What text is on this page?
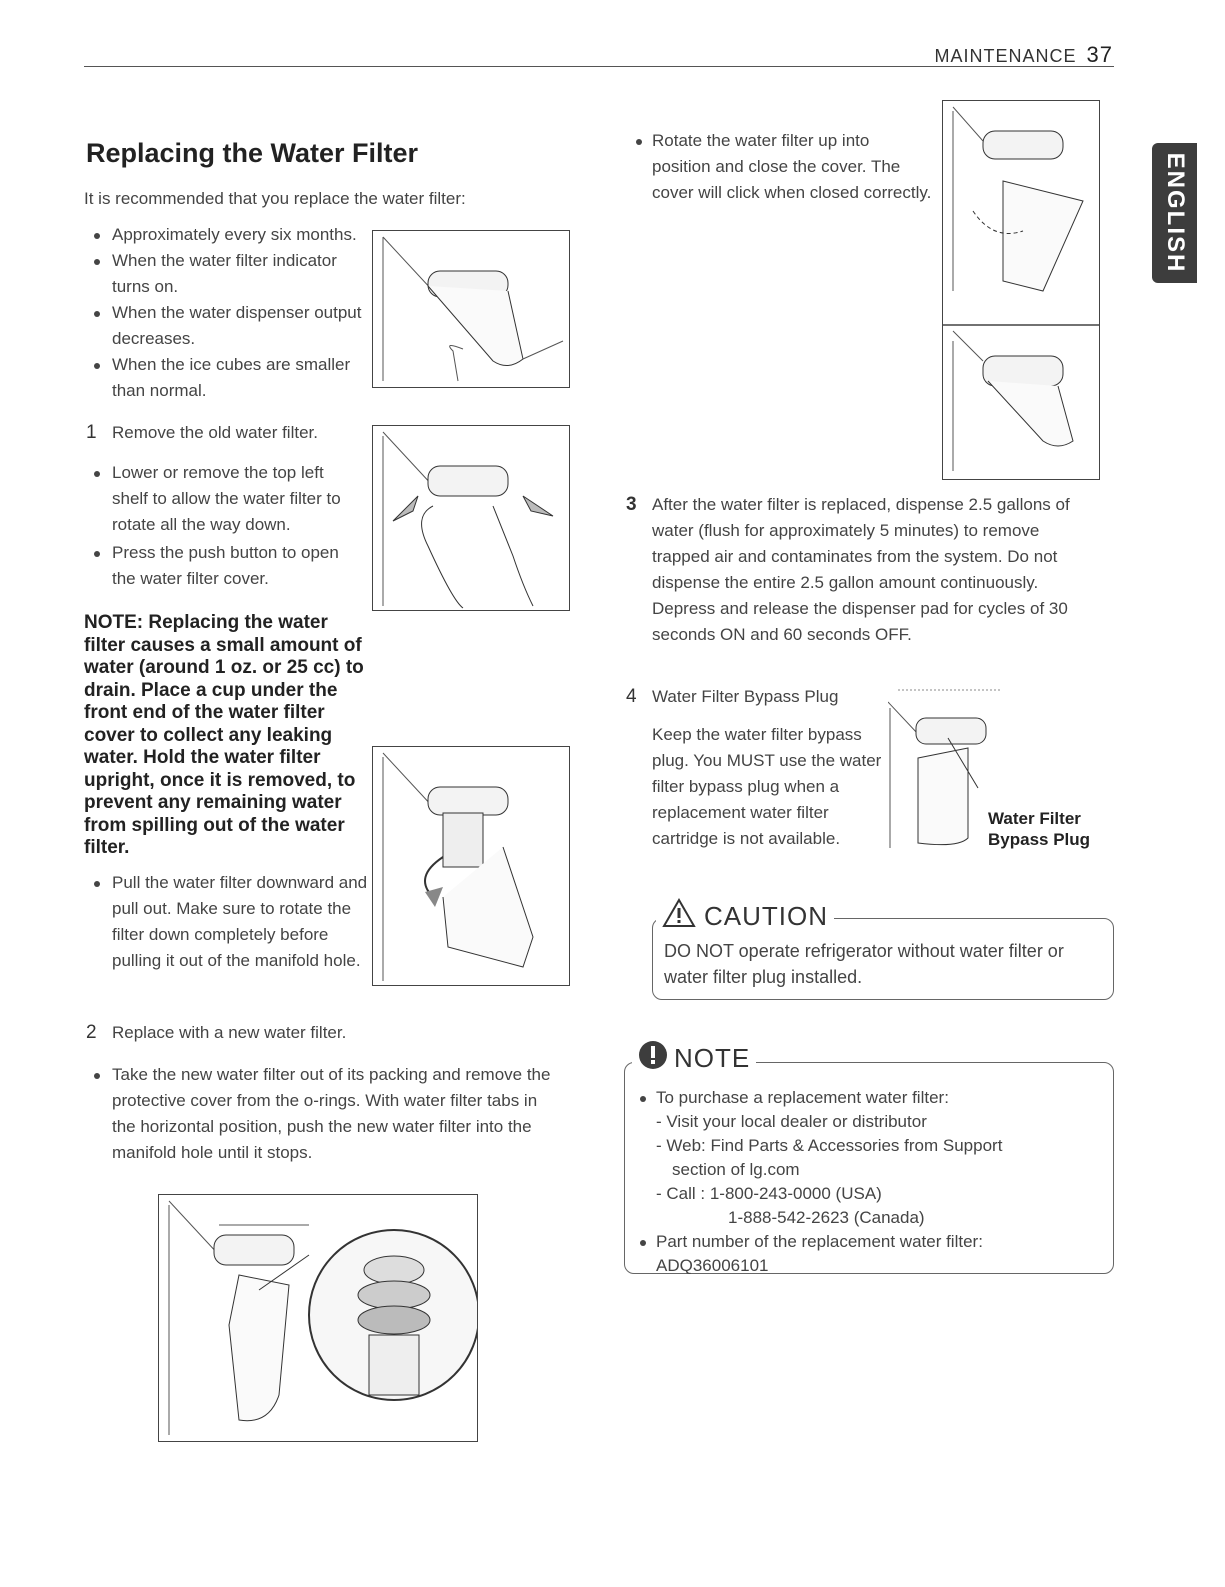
MAINTENANCE 37
ENGLISH
Replacing the Water Filter
It is recommended that you replace the water filter:
Approximately every six months.
When the water filter indicator turns on.
When the water dispenser output decreases.
When the ice cubes are smaller than normal.
1 Remove the old water filter.
Lower or remove the top left shelf to allow the water filter to rotate all the way down.
Press the push button to open the water filter cover.
NOTE: Replacing the water filter causes a small amount of water (around 1 oz. or 25 cc) to drain. Place a cup under the front end of the water filter cover to collect any leaking water. Hold the water filter upright, once it is removed, to prevent any remaining water from spilling out of the water filter.
Pull the water filter downward and pull out. Make sure to rotate the filter down completely before pulling it out of the manifold hole.
2 Replace with a new water filter.
Take the new water filter out of its packing and remove the protective cover from the o-rings. With water filter tabs in the horizontal position, push the new water filter into the manifold hole until it stops.
Rotate the water filter up into position and close the cover. The cover will click when closed correctly.
3 After the water filter is replaced, dispense 2.5 gallons of water (flush for approximately 5 minutes) to remove trapped air and contaminates from the system. Do not dispense the entire 2.5 gallon amount continuously. Depress and release the dispenser pad for cycles of 30 seconds ON and 60 seconds OFF.
4 Water Filter Bypass Plug
Keep the water filter bypass plug. You MUST use the water filter bypass plug when a replacement water filter cartridge is not available.
Water Filter Bypass Plug
CAUTION
DO NOT operate refrigerator without water filter or water filter plug installed.
NOTE
To purchase a replacement water filter:
- Visit your local dealer or distributor
- Web: Find Parts & Accessories from Support
section of lg.com
- Call : 1-800-243-0000 (USA)
1-888-542-2623 (Canada)
Part number of the replacement water filter:
ADQ36006101
